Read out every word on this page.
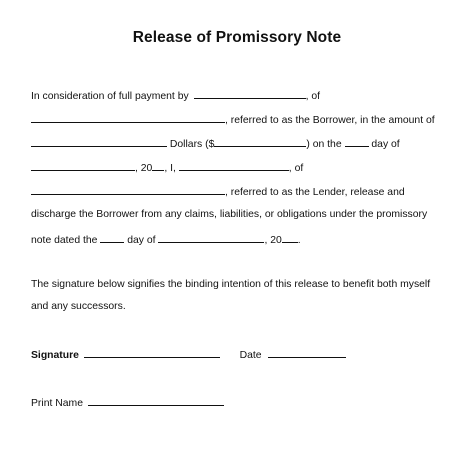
Release of Promissory Note
In consideration of full payment by	, of
, referred to as the Borrower, in the amount of
Dollars ($	) on the	day of
, 20 , I,	, of
, referred to as the Lender, release and
discharge the Borrower from any claims, liabilities, or obligations under the promissory
note dated the	day of	, 20 .
The signature below signifies the binding intention of this release to benefit both myself
and any successors.
Signature	Date
Print Name
